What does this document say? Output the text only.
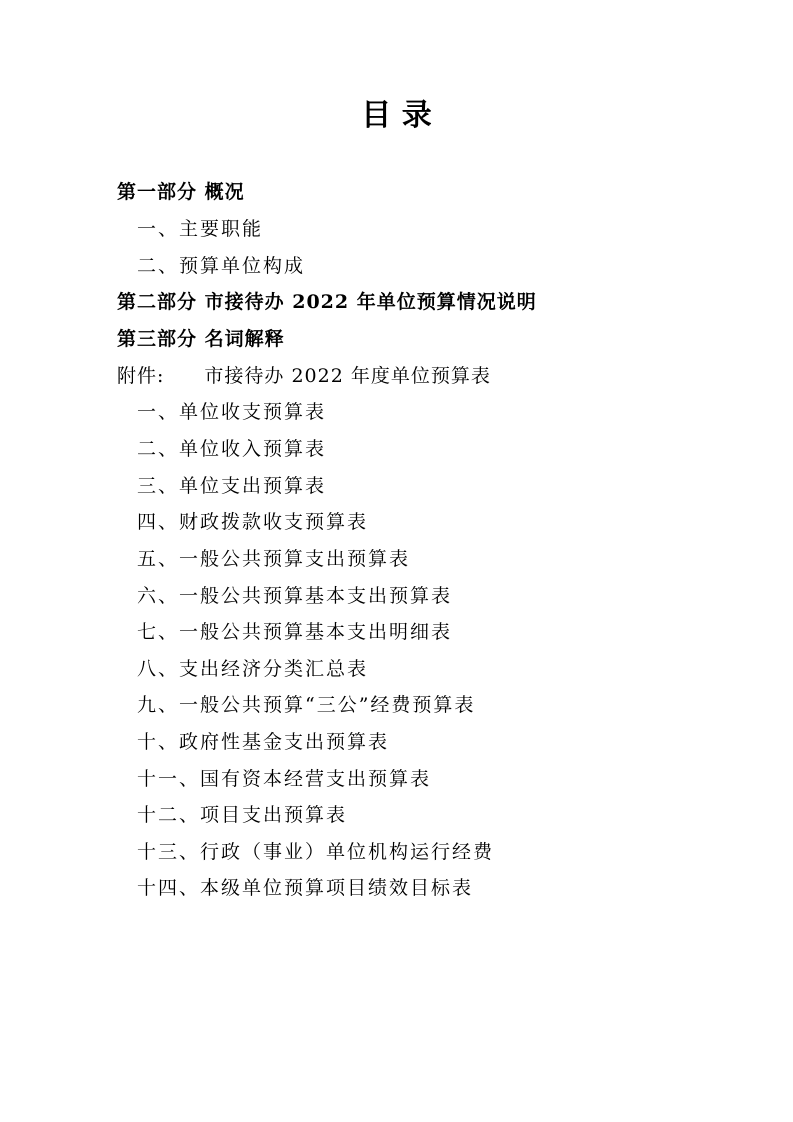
目 录
第一部分 概况
一、主要职能
二、预算单位构成
第二部分 市接待办 2022 年单位预算情况说明
第三部分 名词解释
附件: 市接待办 2022 年度单位预算表
一、单位收支预算表
二、单位收入预算表
三、单位支出预算表
四、财政拨款收支预算表
五、一般公共预算支出预算表
六、一般公共预算基本支出预算表
七、一般公共预算基本支出明细表
八、支出经济分类汇总表
九、一般公共预算“三公”经费预算表
十、政府性基金支出预算表
十一、国有资本经营支出预算表
十二、项目支出预算表
十三、行政（事业）单位机构运行经费
十四、本级单位预算项目绩效目标表
